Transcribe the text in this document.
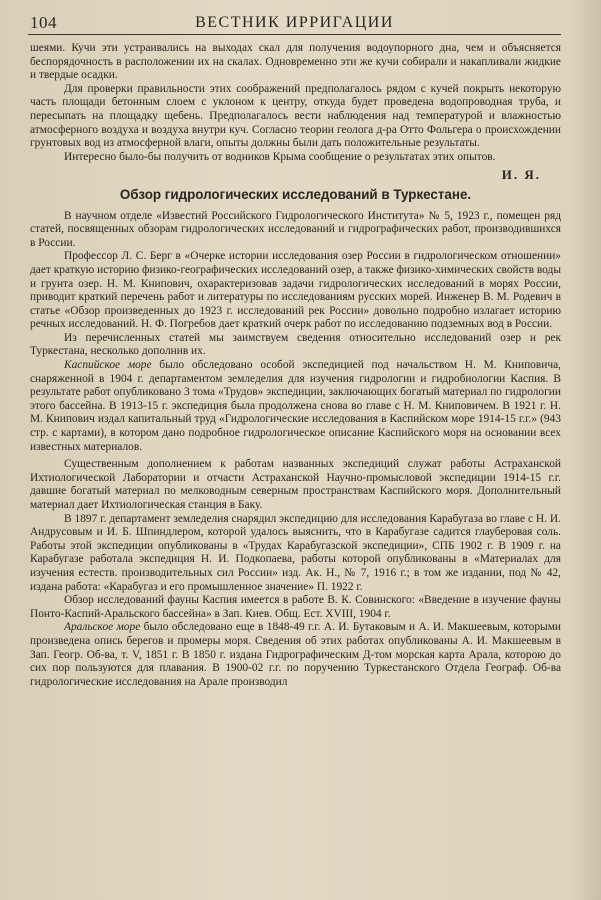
104	ВЕСТНИК ИРРИГАЦИИ

шеями. Кучи эти устраивались на выходах скал для получения водоупорного дна, чем и объясняется беспорядочность в расположении их на скалах. Одновременно эти же кучи собирали и накапливали жидкие и твердые осадки.

Для проверки правильности этих соображений предполагалось рядом с кучей покрыть некоторую часть площади бетонным слоем с уклоном к центру, откуда будет проведена водопроводная труба, и пересыпать на площадку щебень. Предполагалось вести наблюдения над температурой и влажностью атмосферного воздуха и воздуха внутри куч. Согласно теории геолога д-ра Отто Фольгера о происхождении грунтовых вод из атмосферной влаги, опыты должны были дать положительные результаты.

Интересно было-бы получить от водников Крыма сообщение о результатах этих опытов.

И. Я.

Обзор гидрологических исследований в Туркестане.

В научном отделе «Известий Российского Гидрологического Института» № 5, 1923 г., помещен ряд статей, посвященных обзорам гидрологических исследований и гидрографических работ, производившихся в России.

Профессор Л. С. Берг в «Очерке истории исследования озер России в гидрологическом отношении» дает краткую историю физико-географических исследований озер, а также физико-химических свойств воды и грунта озер. Н. М. Книпович, охарактеризовав задачи гидрологических исследований в морях России, приводит краткий перечень работ и литературы по исследованиям русских морей. Инженер В. М. Родевич в статье «Обзор произведенных до 1923 г. исследований рек России» довольно подробно излагает историю речных исследований. Н. Ф. Погребов дает краткий очерк работ по исследованию подземных вод в России.

Из перечисленных статей мы заимствуем сведения относительно исследований озер и рек Туркестана, несколько дополнив их.

Каспийское море было обследовано особой экспедицией под начальством Н. М. Книповича, снаряженной в 1904 г. департаментом земледелия для изучения гидрологии и гидробиологии Каспия. В результате работ опубликовано 3 тома «Трудов» экспедиции, заключающих богатый материал по гидрологии этого бассейна. В 1913-15 г. экспедиция была продолжена снова во главе с Н. М. Книповичем. В 1921 г. Н. М. Книпович издал капитальный труд «Гидрологические исследования в Каспийском море 1914-15 г.г.» (943 стр. с картами), в котором дано подробное гидрологическое описание Каспийского моря на основании всех известных материалов.

Существенным дополнением к работам названных экспедиций служат работы Астраханской Ихтиологической Лаборатории и отчасти Астраханской Научно-промысловой экспедиции 1914-15 г.г. давшие богатый материал по мелководным северным пространствам Каспийского моря. Дополнительный материал дает Ихтиологическая станция в Баку.

В 1897 г. департамент земледелия снарядил экспедицию для исследования Карабугаза во главе с Н. И. Андрусовым и И. Б. Шпиндлером, которой удалось выяснить, что в Карабугазе садится глауберовая соль. Работы этой экспедиции опубликованы в «Трудах Карабугазской экспедиции», СПБ 1902 г. В 1909 г. на Карабугазе работала экспедиция Н. И. Подкопаева, работы которой опубликованы в «Материалах для изучения естеств. производительных сил России» изд. Ак. Н., № 7, 1916 г.; в том же издании, под № 42, издана работа: «Карабугаз и его промышленное значение» П. 1922 г.

Обзор исследований фауны Каспия имеется в работе В. К. Совинского: «Введение в изучение фауны Понто-Каспий-Аральского бассейна» в Зап. Киев. Общ. Ест. XVIII, 1904 г.

Аральское море было обследовано еще в 1848-49 г.г. А. И. Бутаковым и А. И. Макшеевым, которыми произведена опись берегов и промеры моря. Сведения об этих работах опубликованы А. И. Макшеевым в Зап. Геогр. Об-ва, т. V, 1851 г. В 1850 г. издана Гидрографическим Д-том морская карта Арала, которою до сих пор пользуются для плавания. В 1900-02 г.г. по поручению Туркестанского Отдела Географ. Об-ва гидрологические исследования на Арале производил
